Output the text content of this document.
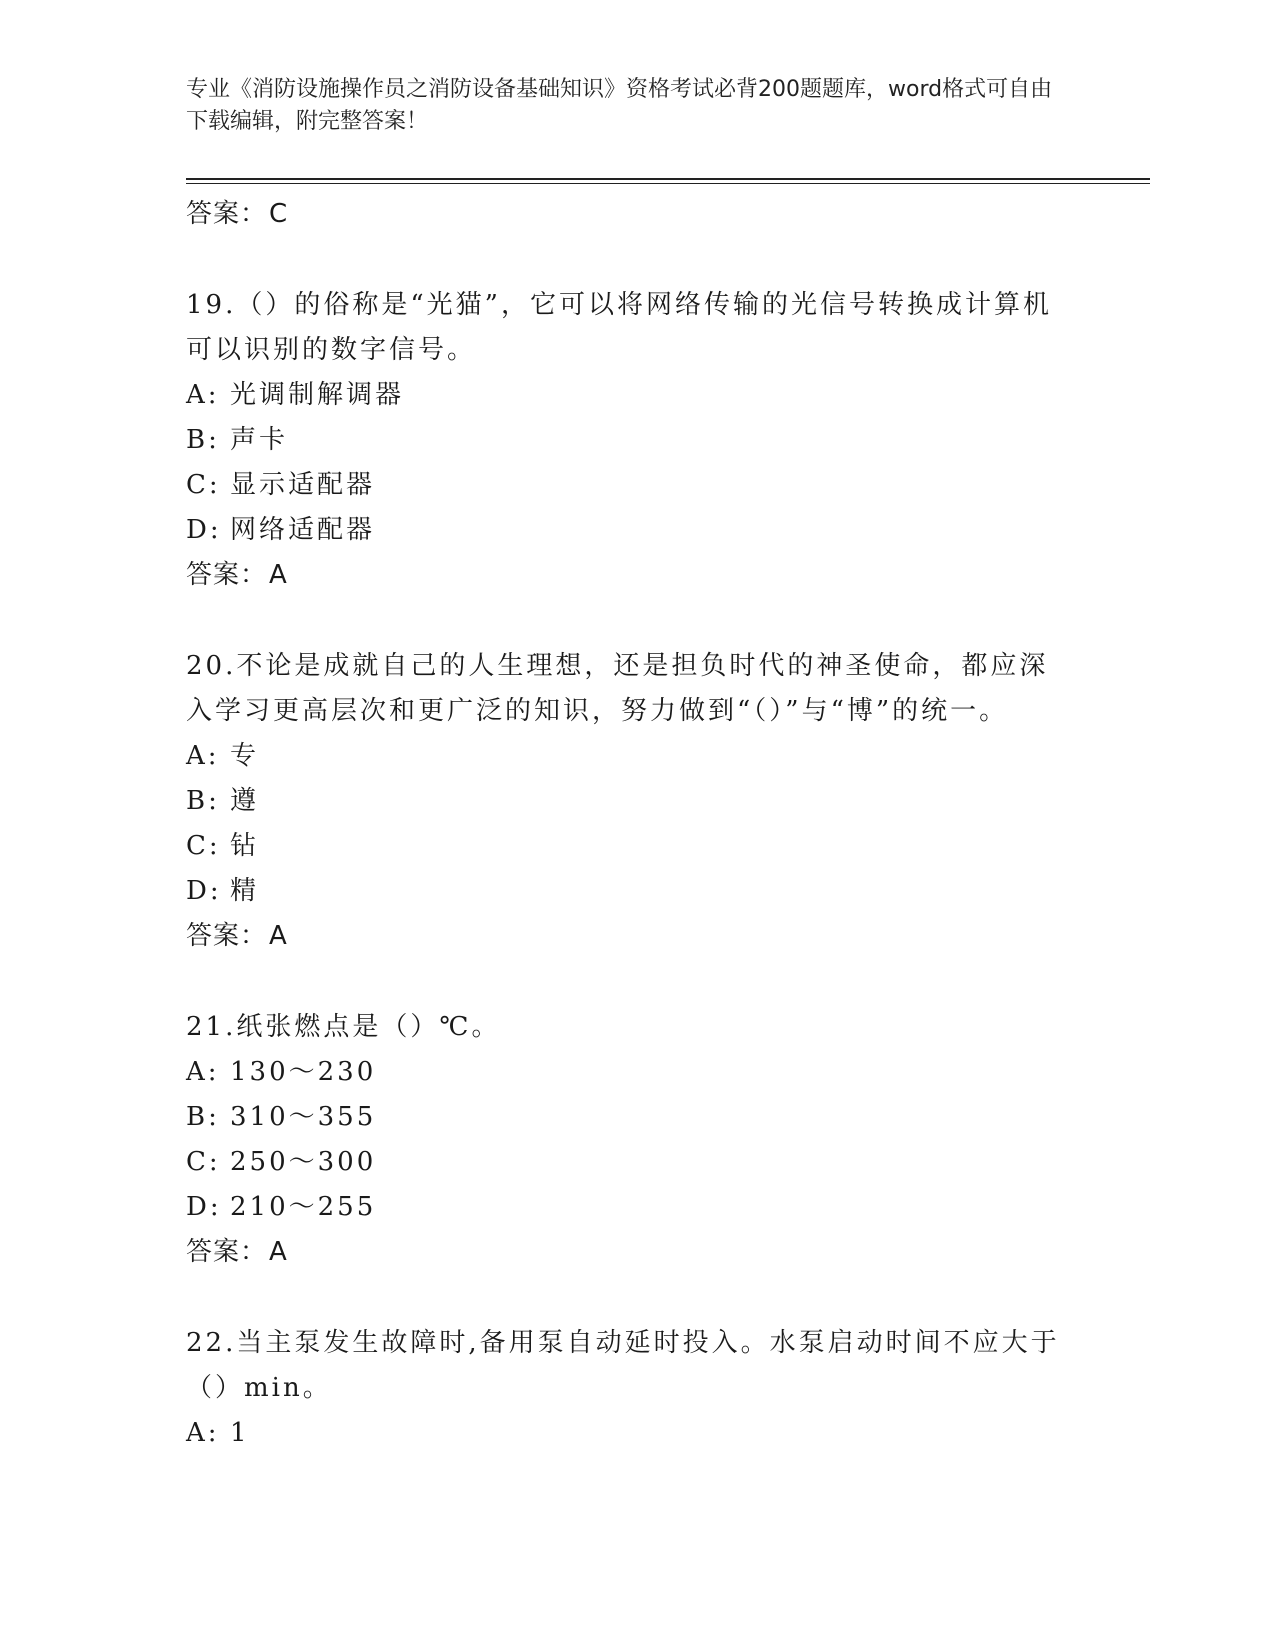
专业《消防设施操作员之消防设备基础知识》资格考试必背200题题库，word格式可自由下载编辑，附完整答案！
答案：C
19.（）的俗称是“光猫”，它可以将网络传输的光信号转换成计算机可以识别的数字信号。
A: 光调制解调器
B: 声卡
C: 显示适配器
D: 网络适配器
答案：A
20.不论是成就自己的人生理想，还是担负时代的神圣使命，都应深入学习更高层次和更广泛的知识，努力做到“（）”与“博”的统一。
A: 专
B: 遵
C: 钻
D: 精
答案：A
21.纸张燃点是（）℃。
A: 130～230
B: 310～355
C: 250～300
D: 210～255
答案：A
22.当主泵发生故障时,备用泵自动延时投入。水泵启动时间不应大于（）min。
A: 1
